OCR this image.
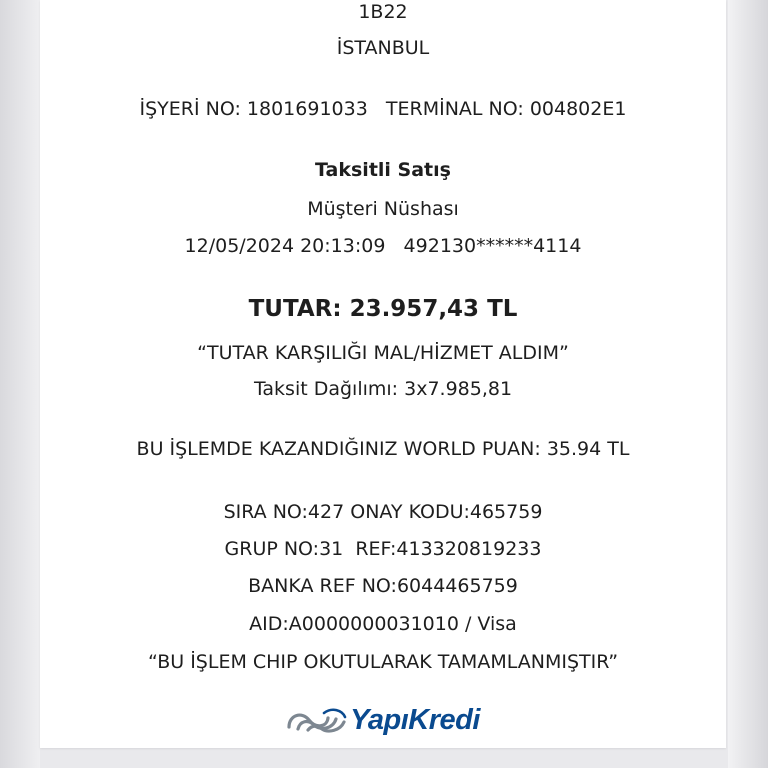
1B22
İSTANBUL
İŞYERİ NO: 1801691033   TERMİNAL NO: 004802E1
Taksitli Satış
Müşteri Nüshası
12/05/2024 20:13:09   492130******4114
TUTAR: 23.957,43 TL
“TUTAR KARŞILIĞI MAL/HİZMET ALDIM”
Taksit Dağılımı: 3x7.985,81
BU İŞLEMDE KAZANDIĞINIZ WORLD PUAN: 35.94 TL
SIRA NO:427 ONAY KODU:465759
GRUP NO:31  REF:413320819233
BANKA REF NO:6044465759
AID:A0000000031010 / Visa
“BU İŞLEM CHIP OKUTULARAK TAMAMLANMIŞTIR”
YapıKredi
